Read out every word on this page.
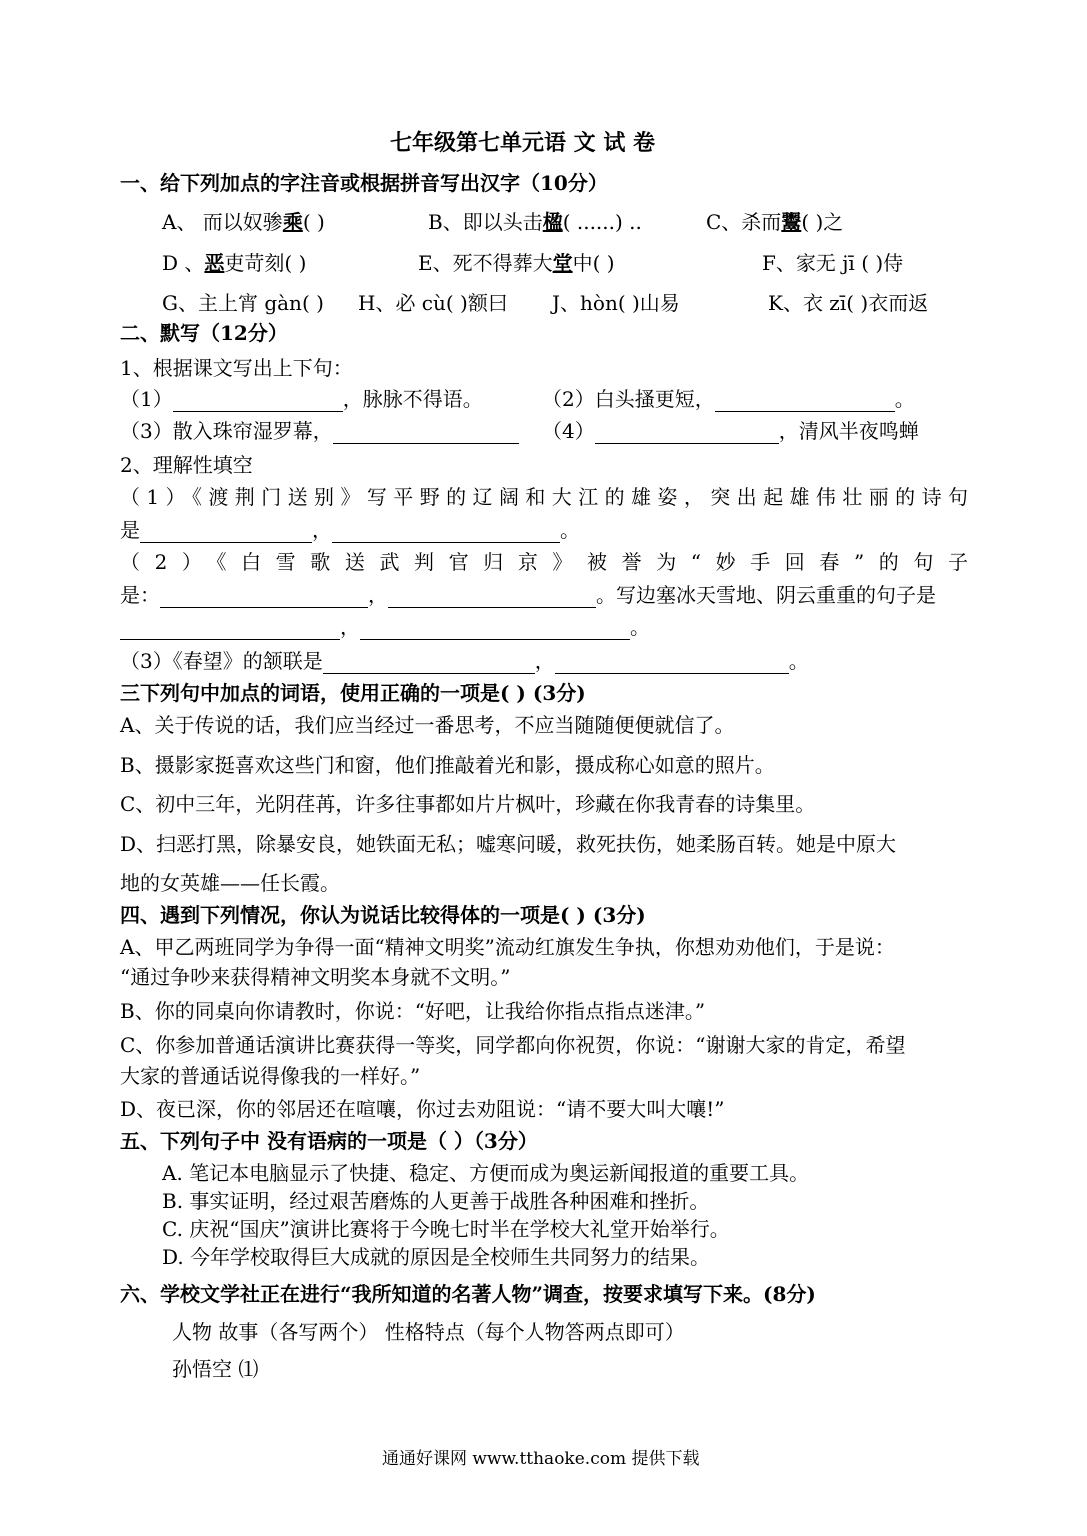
七年级第七单元语 文 试 卷
一、给下列加点的字注音或根据拼音写出汉字（10分）
A、 而以奴骖乘( )	B、即以头击楹( ......) ..	C、杀而鬻( )之
D 、恶吏苛刻( )	E、死不得葬大堂中( )	F、家无 jī ( )侍
G、主上宵 gàn( ) H、必 cù( )额曰 J、hòn( )山易	K、衣 zī( )衣而返
二、默写（12分）
1、根据课文写出上下句：
（1）	，脉脉不得语。	（2）白头搔更短，	。
（3）散入珠帘湿罗幕，	（4）	，清风半夜鸣蝉
2、理解性填空
（1）《渡荆门送别》写平野的辽阔和大江的雄姿，突出起雄伟壮丽的诗句
是	，	。
（2）《白雪歌送武判官归京》被誉为“妙手回春”的句子
是：	，	。写边塞冰天雪地、阴云重重的句子是
，	。
（3）《春望》的颔联是	，	。
三下列句中加点的词语，使用正确的一项是( ) (3分)
A、关于传说的话，我们应当经过一番思考，不应当随随便便就信了。
B、摄影家挺喜欢这些门和窗，他们推敲着光和影，摄成称心如意的照片。
C、初中三年，光阴荏苒，许多往事都如片片枫叶，珍藏在你我青春的诗集里。
D、扫恶打黑，除暴安良，她铁面无私；嘘寒问暖，救死扶伤，她柔肠百转。她是中原大
地的女英雄——任长霞。
四、遇到下列情况，你认为说话比较得体的一项是( ) (3分)
A、甲乙两班同学为争得一面“精神文明奖”流动红旗发生争执，你想劝劝他们，于是说：
“通过争吵来获得精神文明奖本身就不文明。”
B、你的同桌向你请教时，你说：“好吧，让我给你指点指点迷津。”
C、你参加普通话演讲比赛获得一等奖，同学都向你祝贺，你说：“谢谢大家的肯定，希望
大家的普通话说得像我的一样好。”
D、夜已深，你的邻居还在喧嚷，你过去劝阻说：“请不要大叫大嚷!”
五、下列句子中 没有语病的一项是（ ）（3分）
A. 笔记本电脑显示了快捷、稳定、方便而成为奥运新闻报道的重要工具。
B. 事实证明，经过艰苦磨炼的人更善于战胜各种困难和挫折。
C. 庆祝“国庆”演讲比赛将于今晚七时半在学校大礼堂开始举行。
D. 今年学校取得巨大成就的原因是全校师生共同努力的结果。
六、学校文学社正在进行“我所知道的名著人物”调查，按要求填写下来。(8分)
人物 故事（各写两个） 性格特点（每个人物答两点即可）
孙悟空 ⑴
通通好课网 www.tthaoke.com 提供下载
